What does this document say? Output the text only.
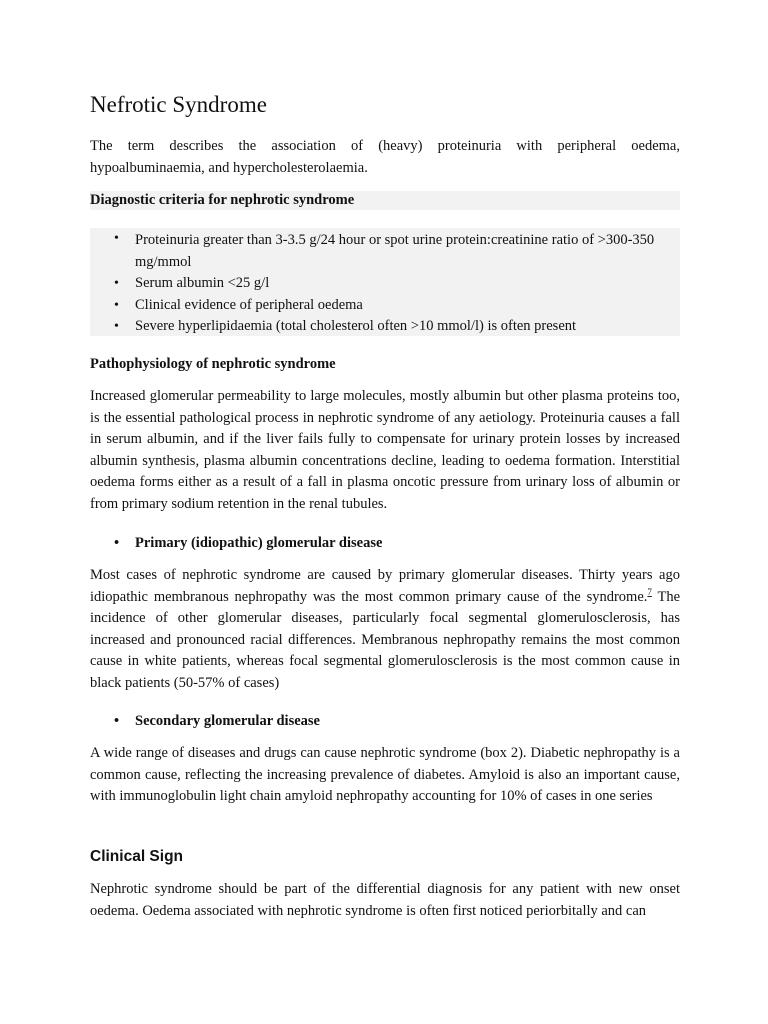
Nefrotic Syndrome

The term describes the association of (heavy) proteinuria with peripheral oedema, hypoalbuminaemia, and hypercholesterolaemia.

Diagnostic criteria for nephrotic syndrome

• Proteinuria greater than 3-3.5 g/24 hour or spot urine protein:creatinine ratio of >300-350 mg/mmol
• Serum albumin <25 g/l
• Clinical evidence of peripheral oedema
• Severe hyperlipidaemia (total cholesterol often >10 mmol/l) is often present

Pathophysiology of nephrotic syndrome

Increased glomerular permeability to large molecules, mostly albumin but other plasma proteins too, is the essential pathological process in nephrotic syndrome of any aetiology. Proteinuria causes a fall in serum albumin, and if the liver fails fully to compensate for urinary protein losses by increased albumin synthesis, plasma albumin concentrations decline, leading to oedema formation. Interstitial oedema forms either as a result of a fall in plasma oncotic pressure from urinary loss of albumin or from primary sodium retention in the renal tubules.

• Primary (idiopathic) glomerular disease

Most cases of nephrotic syndrome are caused by primary glomerular diseases. Thirty years ago idiopathic membranous nephropathy was the most common primary cause of the syndrome.$^7$ The incidence of other glomerular diseases, particularly focal segmental glomerulosclerosis, has increased and pronounced racial differences. Membranous nephropathy remains the most common cause in white patients, whereas focal segmental glomerulosclerosis is the most common cause in black patients (50-57% of cases)

• Secondary glomerular disease

A wide range of diseases and drugs can cause nephrotic syndrome (box 2). Diabetic nephropathy is a common cause, reflecting the increasing prevalence of diabetes. Amyloid is also an important cause, with immunoglobulin light chain amyloid nephropathy accounting for 10% of cases in one series

Clinical Sign

Nephrotic syndrome should be part of the differential diagnosis for any patient with new onset oedema. Oedema associated with nephrotic syndrome is often first noticed periorbitally and can
